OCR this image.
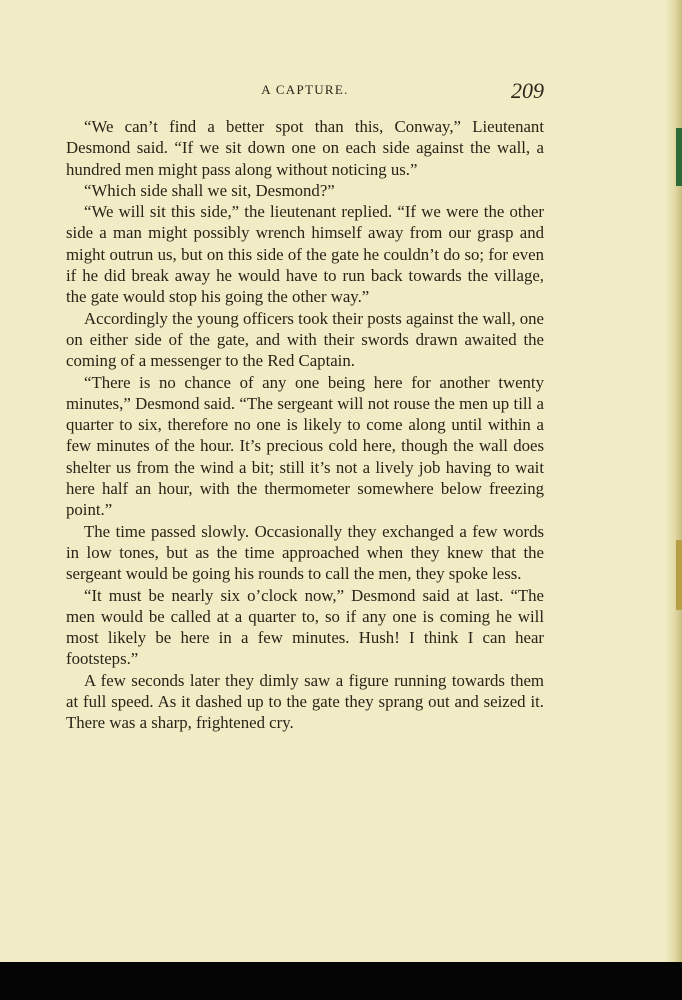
A CAPTURE.	209

“We can’t find a better spot than this, Conway,” Lieutenant Desmond said. “If we sit down one on each side against the wall, a hundred men might pass along without noticing us.”

“Which side shall we sit, Desmond?”

“We will sit this side,” the lieutenant replied. “If we were the other side a man might possibly wrench himself away from our grasp and might outrun us, but on this side of the gate he couldn’t do so; for even if he did break away he would have to run back towards the village, the gate would stop his going the other way.”

Accordingly the young officers took their posts against the wall, one on either side of the gate, and with their swords drawn awaited the coming of a messenger to the Red Captain.

“There is no chance of any one being here for another twenty minutes,” Desmond said. “The sergeant will not rouse the men up till a quarter to six, therefore no one is likely to come along until within a few minutes of the hour. It’s precious cold here, though the wall does shelter us from the wind a bit; still it’s not a lively job having to wait here half an hour, with the thermometer somewhere below freezing point.”

The time passed slowly. Occasionally they exchanged a few words in low tones, but as the time approached when they knew that the sergeant would be going his rounds to call the men, they spoke less.

“It must be nearly six o’clock now,” Desmond said at last. “The men would be called at a quarter to, so if any one is coming he will most likely be here in a few minutes. Hush! I think I can hear footsteps.”

A few seconds later they dimly saw a figure running towards them at full speed. As it dashed up to the gate they sprang out and seized it. There was a sharp, frightened cry.
